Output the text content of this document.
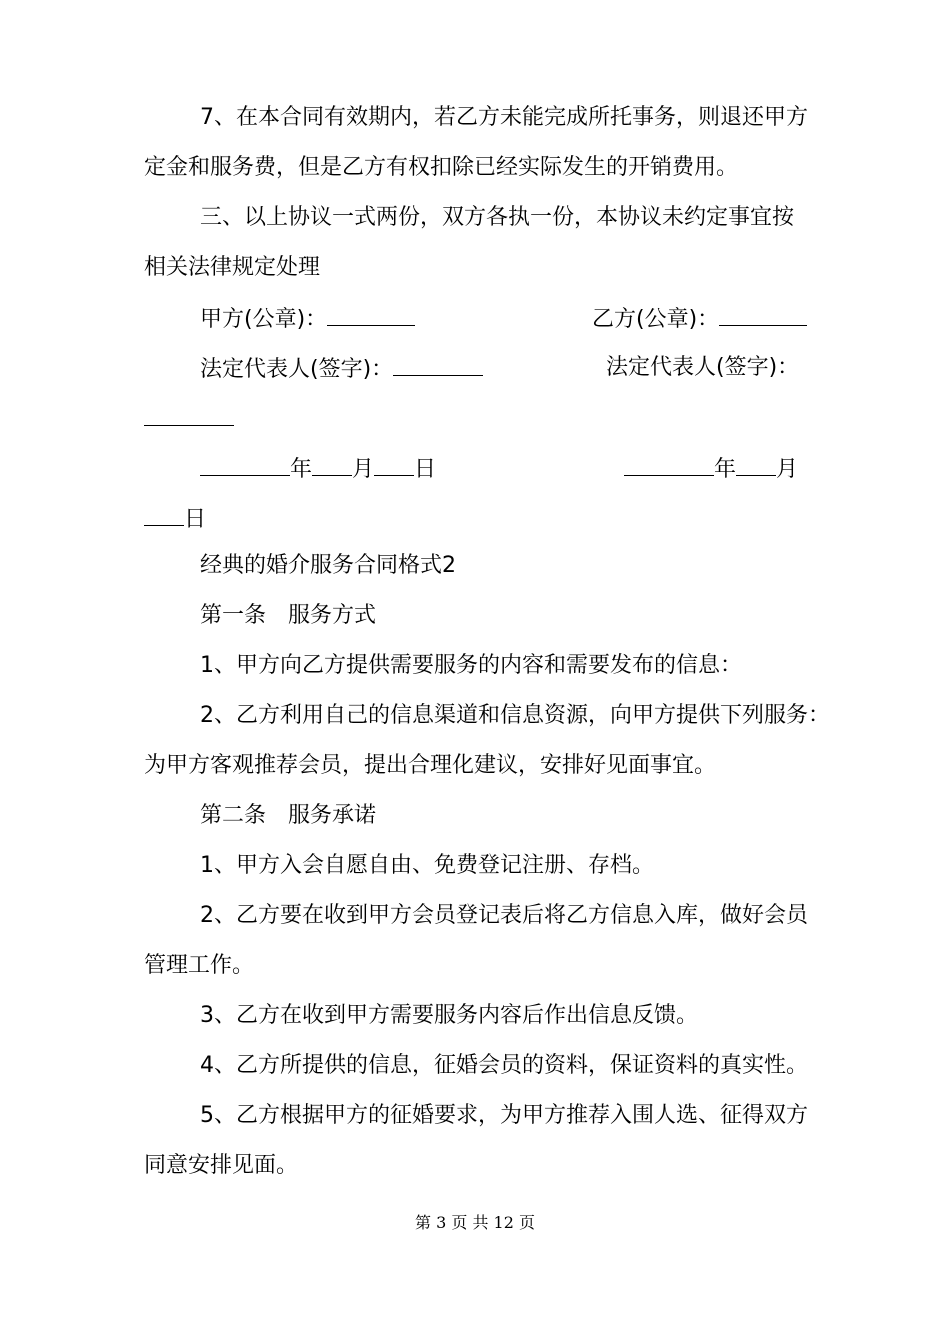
7、在本合同有效期内，若乙方未能完成所托事务，则退还甲方
定金和服务费，但是乙方有权扣除已经实际发生的开销费用。
三、以上协议一式两份，双方各执一份，本协议未约定事宜按
相关法律规定处理
甲方(公章)：	乙方(公章)：
法定代表人(签字)：	法定代表人(签字)：
年 月 日	年 月
日
经典的婚介服务合同格式2
第一条　服务方式
1、甲方向乙方提供需要服务的内容和需要发布的信息：
2、乙方利用自己的信息渠道和信息资源，向甲方提供下列服务：
为甲方客观推荐会员，提出合理化建议，安排好见面事宜。
第二条　服务承诺
1、甲方入会自愿自由、免费登记注册、存档。
2、乙方要在收到甲方会员登记表后将乙方信息入库，做好会员
管理工作。
3、乙方在收到甲方需要服务内容后作出信息反馈。
4、乙方所提供的信息，征婚会员的资料，保证资料的真实性。
5、乙方根据甲方的征婚要求，为甲方推荐入围人选、征得双方
同意安排见面。
第 3 页 共 12 页
